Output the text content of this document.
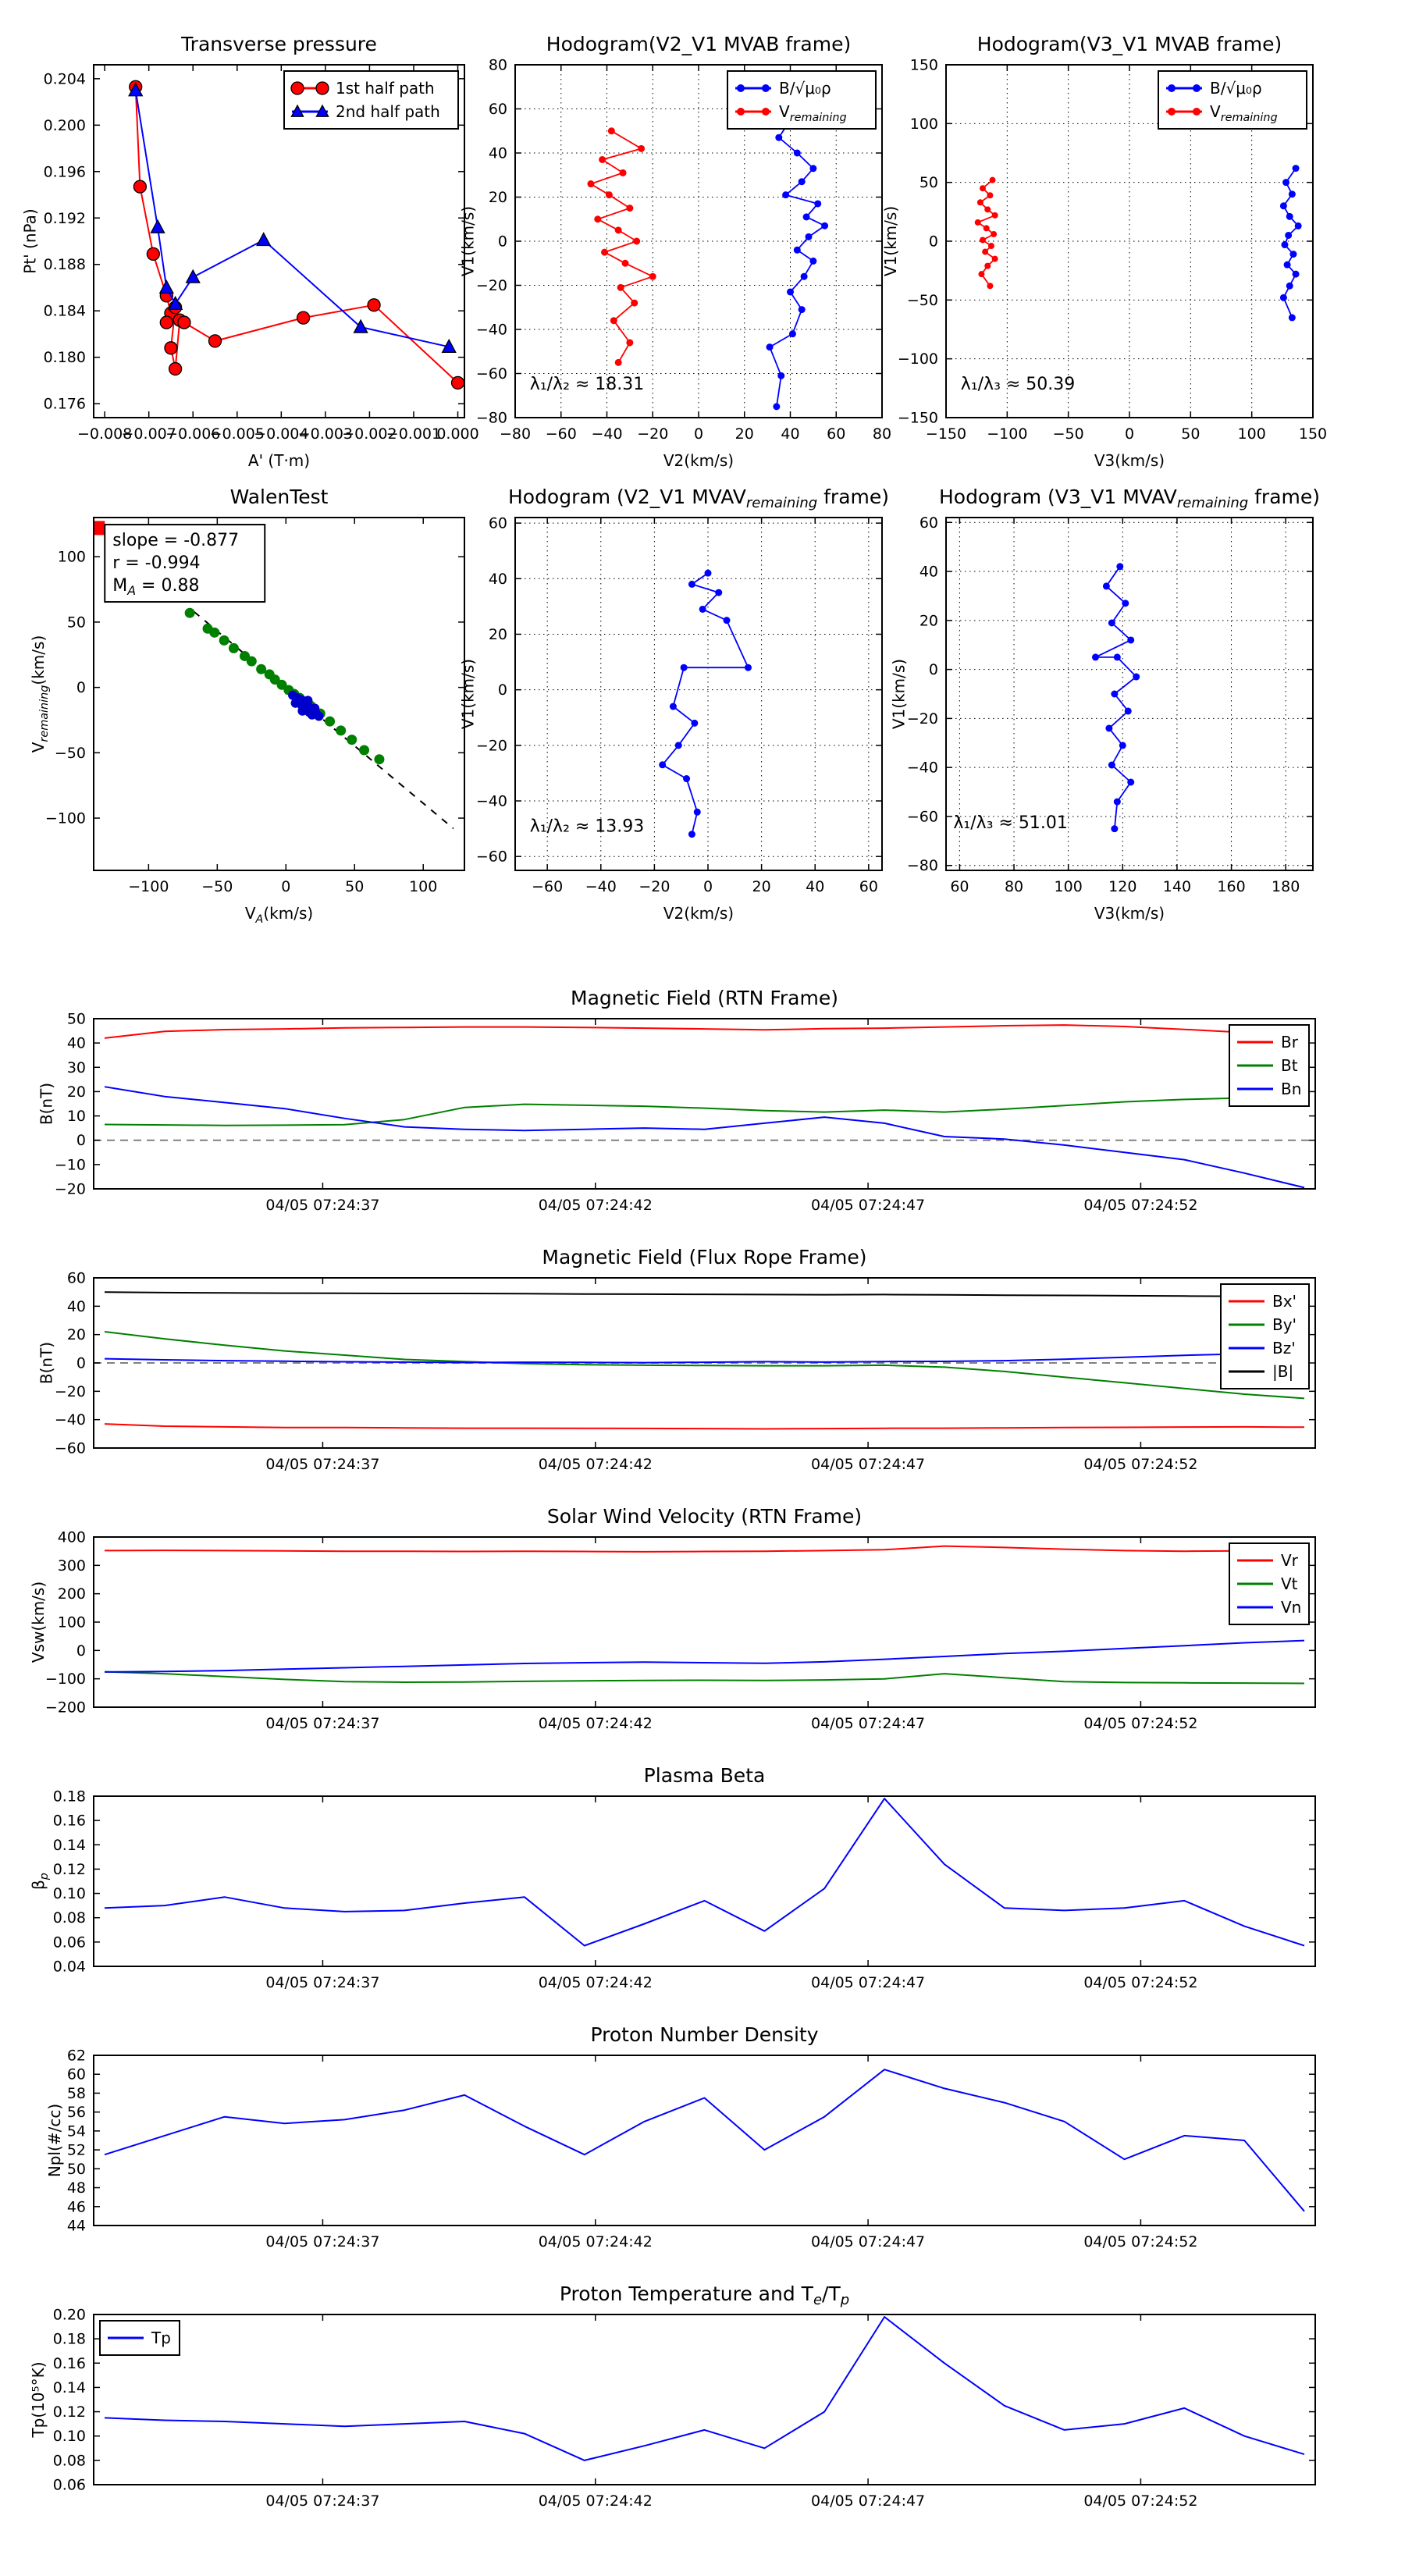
−0.008
−0.007
−0.006
−0.005
−0.004
−0.003
−0.002
−0.001
0.000
0.176
0.180
0.184
0.188
0.192
0.196
0.200
0.204
Transverse pressure
A' (T·m)
Pt' (nPa)
1st half path
2nd half path
−80 −60 −40 −20 0 20 40 60 80
−80
−60
−40
−20
0
20
40
60
80
Hodogram(V2_V1 MVAB frame)
V2(km/s)
V1(km/s)
λ₁/λ₂ ≈ 18.31
B/√μ₀ρ
$V_{remaining}$
−150 −100 −50	0	50	100 150
−150
−100
−50
0
50
100
150
Hodogram(V3_V1 MVAB frame)
V3(km/s)
V1(km/s)
λ₁/λ₃ ≈ 50.39
B/√μ₀ρ
$V_{remaining}$
−100 −50	0	50	100
−100
−50
0
50
100
WalenTest
$V_A(km/s)$
$V_{remaining}(km/s)$
slope = -0.877
r = -0.994
$M_A = 0.88$
−60 −40 −20 0	20 40 60
−60
−40
−20
0
20
40
60
Hodogram (V2_V1 $MVAV_{remaining}$ frame)
V2(km/s)
V1(km/s)
λ₁/λ₂ ≈ 13.93
60 80 100 120 140 160 180
−80
−60
−40
−20
0
20
40
60
Hodogram (V3_V1 $MVAV_{remaining}$ frame)
V3(km/s)
V1(km/s)
λ₁/λ₃ ≈ 51.01
04/05 07:24:37	04/05 07:24:42	04/05 07:24:47	04/05 07:24:52
−20
−10
0
10
20
30
40
50
Magnetic Field (RTN Frame)
B(nT)
Br
Bt
Bn
04/05 07:24:37	04/05 07:24:42	04/05 07:24:47	04/05 07:24:52
−60
−40
−20
0
20
40
60
Magnetic Field (Flux Rope Frame)
B(nT)
Bx'
By'
Bz'
|B|
04/05 07:24:37	04/05 07:24:42	04/05 07:24:47	04/05 07:24:52
−200
−100
0
100
200
300
400
Solar Wind Velocity (RTN Frame)
Vsw(km/s)
Vr
Vt
Vn
04/05 07:24:37	04/05 07:24:42	04/05 07:24:47	04/05 07:24:52
0.04
0.06
0.08
0.10
0.12
0.14
0.16
0.18
Plasma Beta
$\beta_p$
04/05 07:24:37	04/05 07:24:42	04/05 07:24:47	04/05 07:24:52
44
46
48
50
52
54
56
58
60
62
Proton Number Density
Npl(#/cc)
04/05 07:24:37	04/05 07:24:42	04/05 07:24:47	04/05 07:24:52
0.06
0.08
0.10
0.12
0.14
0.16
0.18
0.20
Proton Temperature and $T_e/T_p$
Tp(10⁵°K)
Tp
